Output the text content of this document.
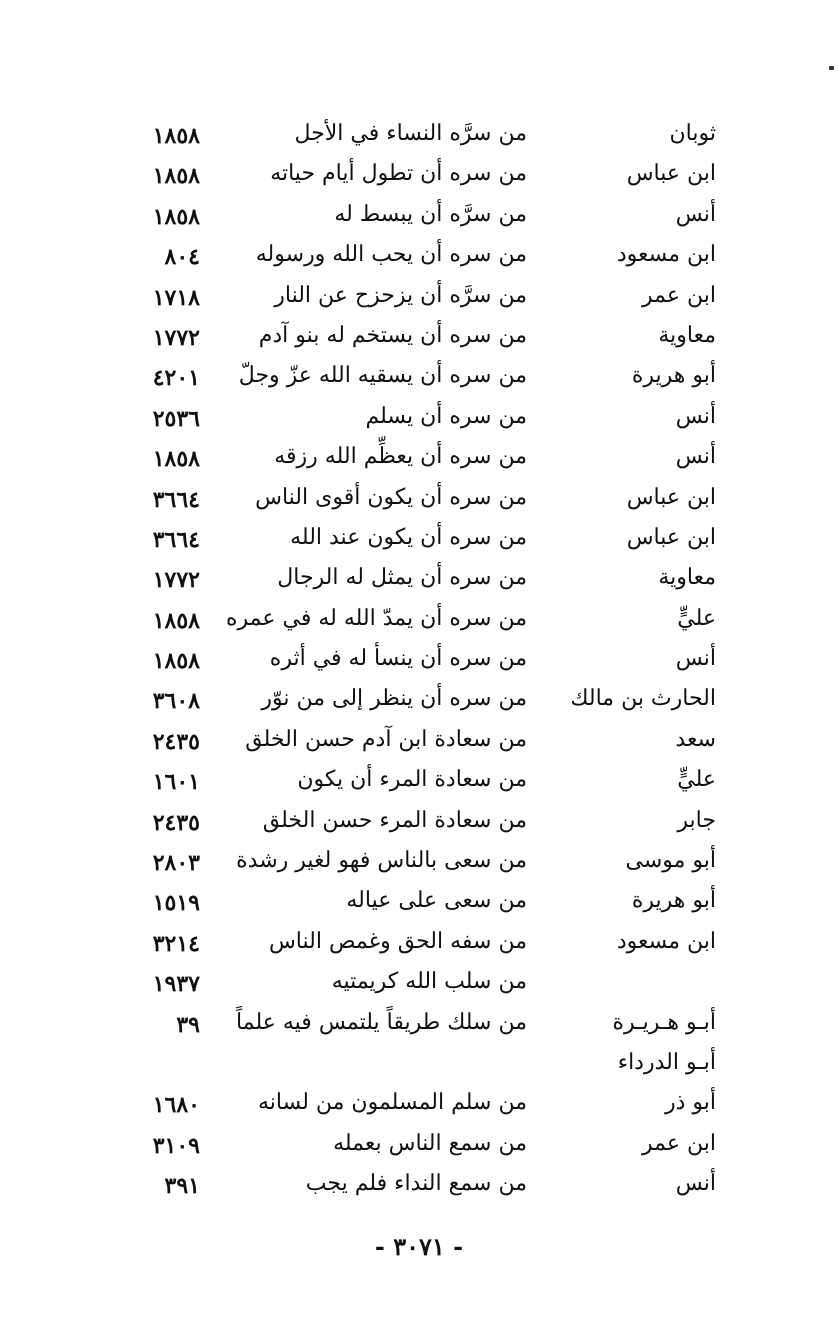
ثوبان
من سرَّه النساء في الأجل
١٨٥٨
ابن عباس
من سره أن تطول أيام حياته
١٨٥٨
أنس
من سرَّه أن يبسط له
١٨٥٨
ابن مسعود
من سره أن يحب الله ورسوله
٨٠٤
ابن عمر
من سرَّه أن يزحزح عن النار
١٧١٨
معاوية
من سره أن يستخم له بنو آدم
١٧٧٢
أبو هريرة
من سره أن يسقيه الله عزّ وجلّ
٤٢٠١
أنس
من سره أن يسلم
٢٥٣٦
أنس
من سره أن يعظِّم الله رزقه
١٨٥٨
ابن عباس
من سره أن يكون أقوى الناس
٣٦٦٤
ابن عباس
من سره أن يكون عند الله
٣٦٦٤
معاوية
من سره أن يمثل له الرجال
١٧٧٢
عليٍّ
من سره أن يمدّ الله له في عمره
١٨٥٨
أنس
من سره أن ينسأ له في أثره
١٨٥٨
الحارث بن مالك
من سره أن ينظر إلى من نوّر
٣٦٠٨
سعد
من سعادة ابن آدم حسن الخلق
٢٤٣٥
عليٍّ
من سعادة المرء أن يكون
١٦٠١
جابر
من سعادة المرء حسن الخلق
٢٤٣٥
أبو موسى
من سعى بالناس فهو لغير رشدة
٢٨٠٣
أبو هريرة
من سعى على عياله
١٥١٩
ابن مسعود
من سفه الحق وغمص الناس
٣٢١٤
من سلب الله كريمتيه
١٩٣٧
أبـو هـريـرة
من سلك طريقاً يلتمس فيه علماً
٣٩
أبـو الدرداء
أبو ذر
من سلم المسلمون من لسانه
١٦٨٠
ابن عمر
من سمع الناس بعمله
٣١٠٩
أنس
من سمع النداء فلم يجب
٣٩١
- ٣٠٧١ -
